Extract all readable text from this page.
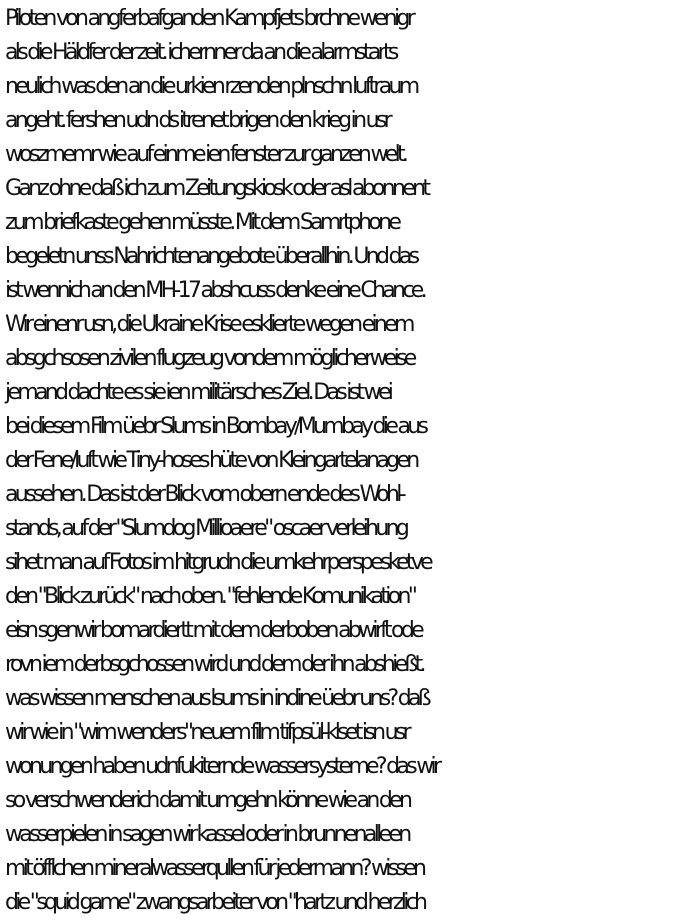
Piloten von angferbafganden Kampfjets brchne wenigr
als die Häldfer der zeit. ichernner da an die alarmstarts
neulich was den an die urkien rzenden plnschn luftraum
angeht. fershen udn ds itrenet brigen den krieg in usr
woszmemr wie auf einme ien fenster zur ganzen welt.
Ganz ohne daß ich zum Zeitungskiosk oder asl abonnent
zum briefkaste gehen müsste. Mit dem Samrtphone
begeletn unss Nahrichtenangebote überallhin. Und das
ist wennich an den MH-17 abshcuss denke eine Chance.
Wir einenr usn, die Ukraine Krise esklierte wegen einem
absgchsosen zivilen flugzeug vondem möglicherweise
jemand dachte es sie ien militärsches Ziel. Das ist wei
bei diesem Film üebr Slums in Bombay/Mumbay die aus
der Fene/luft wie Tiny-hoses hüte von Kleingartelanagen
aussehen. Das ist der Blick vom obern ende des Wohl-
stands, auf der "Slumdog Millioaere" oscaer verleihung
sihet man auf Fotos im hitgrudn die umkehrperspesketve
den "Blick zurück" nach oben. "fehlende Komunikation"
eisn sgenwir bomardiertt mit dem derboben abwirft ode
rovn iem derbsgchossen wird und dem der ihn abshießt.
was wissen menschen aus lsums in indine üebr uns? daß
wir wie in "wim wenders"neuem film tifpsül-klset isn usr
wonungen haben udnfukiternde wassersysteme? das wir
so verschwenderich damit umgehn könne wie an den
wasserpielen in sagen wir kassel oder in brunnenalleen
mit öfflchen mineralwasserqullen für jedermann? wissen
die "squid game" zwangsarbeiter von "hartz und herzlich
